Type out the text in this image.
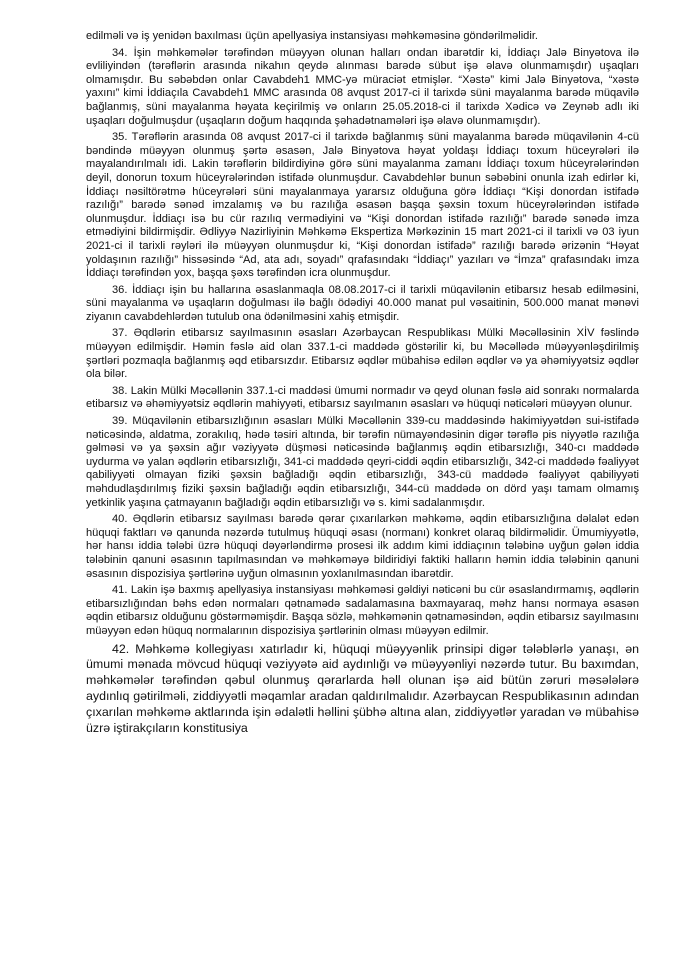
edilməli və iş yenidən baxılması üçün apellyasiya instansiyası məhkəməsinə göndərilməlidir.

34. İşin məhkəmələr tərəfindən müəyyən olunan halları ondan ibarətdir ki, İddiaçı Jalə Binyətova ilə evliliyindən (tərəflərin arasında nikahın qeydə alınması barədə sübut işə əlavə olunmamışdır) uşaqları olmamışdır. Bu səbəbdən onlar Cavabdeh1 MMC-yə müraciət etmişlər. “Xəstə” kimi Jalə Binyətova, “xəstə yaxını” kimi İddiaçıla Cavabdeh1 MMC arasında 08 avqust 2017-ci il tarixdə süni mayalanma barədə müqavilə bağlanmış, süni mayalanma həyata keçirilmiş və onların 25.05.2018-ci il tarixdə Xədicə və Zeynəb adlı iki uşaqları doğulmuşdur (uşaqların doğum haqqında şəhadətnamələri işə əlavə olunmamışdır).

35. Tərəflərin arasında 08 avqust 2017-ci il tarixdə bağlanmış süni mayalanma barədə müqavilənin 4-cü bəndində müəyyən olunmuş şərtə əsasən, Jalə Binyətova həyat yoldaşı İddiaçı toxum hüceyrələri ilə mayalandırılmalı idi. Lakin tərəflərin bildirdiyinə görə süni mayalanma zamanı İddiaçı toxum hüceyrələrindən deyil, donorun toxum hüceyrələrindən istifadə olunmuşdur. Cavabdehlər bunun səbəbini onunla izah edirlər ki, İddiaçı nəsiltörətmə hüceyrələri süni mayalanmaya yararsız olduğuna görə İddiaçı “Kişi donordan istifadə razılığı” barədə sənəd imzalamış və bu razılığa əsasən başqa şəxsin toxum hüceyrələrindən istifadə olunmuşdur. İddiaçı isə bu cür razılıq vermədiyini və “Kişi donordan istifadə razılığı” barədə sənədə imza etmədiyini bildirmişdir. Ədliyyə Nazirliyinin Məhkəmə Ekspertiza Mərkəzinin 15 mart 2021-ci il tarixli və 03 iyun 2021-ci il tarixli rəyləri ilə müəyyən olunmuşdur ki, “Kişi donordan istifadə” razılığı barədə ərizənin “Həyat yoldaşının razılığı” hissəsində “Ad, ata adı, soyadı” qrafasındakı “İddiaçı” yazıları və “İmza” qrafasındakı imza İddiaçı tərəfindən yox, başqa şəxs tərəfindən icra olunmuşdur.

36. İddiaçı işin bu hallarına əsaslanmaqla 08.08.2017-ci il tarixli müqavilənin etibarsız hesab edilməsini, süni mayalanma və uşaqların doğulması ilə bağlı ödədiyi 40.000 manat pul vəsaitinin, 500.000 manat mənəvi ziyanın cavabdehlərdən tutulub ona ödənilməsini xahiş etmişdir.

37. Əqdlərin etibarsız sayılmasının əsasları Azərbaycan Respublikası Mülki Məcəlləsinin XİV fəslində müəyyən edilmişdir. Həmin fəslə aid olan 337.1-ci maddədə göstərilir ki, bu Məcəllədə müəyyənləşdirilmiş şərtləri pozmaqla bağlanmış əqd etibarsızdır. Etibarsız əqdlər mübahisə edilən əqdlər və ya əhəmiyyətsiz əqdlər ola bilər.

38. Lakin Mülki Məcəllənin 337.1-ci maddəsi ümumi normadır və qeyd olunan fəslə aid sonrakı normalarda etibarsız və əhəmiyyətsiz əqdlərin mahiyyəti, etibarsız sayılmanın əsasları və hüquqi nəticələri müəyyən olunur.

39. Müqavilənin etibarsızlığının əsasları Mülki Məcəllənin 339-cu maddəsində hakimiyyətdən sui-istifadə nəticəsində, aldatma, zorakılıq, hədə təsiri altında, bir tərəfin nümayəndəsinin digər tərəflə pis niyyətlə razılığa gəlməsi və ya şəxsin ağır vəziyyətə düşməsi nəticəsində bağlanmış əqdin etibarsızlığı, 340-cı maddədə uydurma və yalan əqdlərin etibarsızlığı, 341-ci maddədə qeyri-ciddi əqdin etibarsızlığı, 342-ci maddədə fəaliyyət qabiliyyəti olmayan fiziki şəxsin bağladığı əqdin etibarsızlığı, 343-cü maddədə fəaliyyət qabiliyyəti məhdudlaşdırılmış fiziki şəxsin bağladığı əqdin etibarsızlığı, 344-cü maddədə on dörd yaşı tamam olmamış yetkinlik yaşına çatmayanın bağladığı əqdin etibarsızlığı və s. kimi sadalanmışdır.

40. Əqdlərin etibarsız sayılması barədə qərar çıxarılarkən məhkəmə, əqdin etibarsızlığına dəlalət edən hüquqi faktları və qanunda nəzərdə tutulmuş hüquqi əsası (normanı) konkret olaraq bildirməlidir. Ümumiyyətlə, hər hansı iddia tələbi üzrə hüquqi dəyərləndirmə prosesi ilk addım kimi iddiaçının tələbinə uyğun gələn iddia tələbinin qanuni əsasının tapılmasından və məhkəməyə bildiridiyi faktiki halların həmin iddia tələbinin qanuni əsasının dispozisiya şərtlərinə uyğun olmasının yoxlanılmasından ibarətdir.

41. Lakin işə baxmış apellyasiya instansiyası məhkəməsi gəldiyi nəticəni bu cür əsaslandırmamış, əqdlərin etibarsızlığından bəhs edən normaları qətnamədə sadalamasına baxmayaraq, məhz hansı normaya əsasən əqdin etibarsız olduğunu göstərməmişdir. Başqa sözlə, məhkəmənin qətnaməsindən, əqdin etibarsız sayılmasını müəyyən edən hüquq normalarının dispozisiya şərtlərinin olması müəyyən edilmir.

42. Məhkəmə kollegiyası xatırladır ki, hüquqi müəyyənlik prinsipi digər tələblərlə yanaşı, ən ümumi mənada mövcud hüquqi vəziyyətə aid aydınlığı və müəyyənliyi nəzərdə tutur. Bu baxımdan, məhkəmələr tərəfindən qəbul olunmuş qərarlarda həll olunan işə aid bütün zəruri məsələlərə aydınlıq gətirilməli, ziddiyyətli məqamlar aradan qaldırılmalıdır. Azərbaycan Respublikasının adından çıxarılan məhkəmə aktlarında işin ədalətli həllini şübhə altına alan, ziddiyyətlər yaradan və mübahisə üzrə iştirakçıların konstitusiya
